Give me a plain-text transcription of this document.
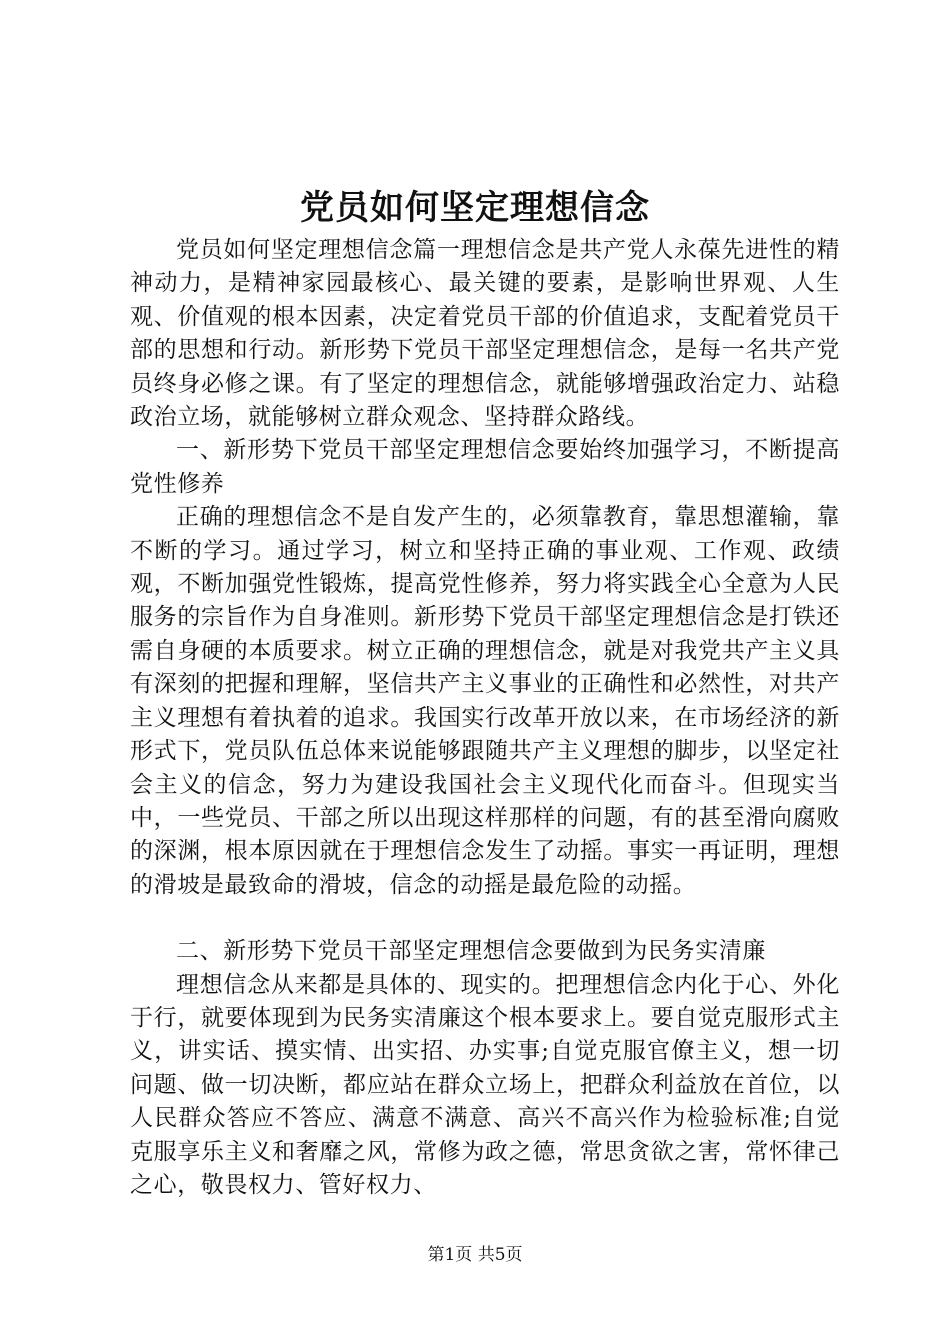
党员如何坚定理想信念

党员如何坚定理想信念篇一理想信念是共产党人永葆先进性的精神动力，是精神家园最核心、最关键的要素，是影响世界观、人生观、价值观的根本因素，决定着党员干部的价值追求，支配着党员干部的思想和行动。新形势下党员干部坚定理想信念，是每一名共产党员终身必修之课。有了坚定的理想信念，就能够增强政治定力、站稳政治立场，就能够树立群众观念、坚持群众路线。

一、新形势下党员干部坚定理想信念要始终加强学习，不断提高党性修养

正确的理想信念不是自发产生的，必须靠教育，靠思想灌输，靠不断的学习。通过学习，树立和坚持正确的事业观、工作观、政绩观，不断加强党性锻炼，提高党性修养，努力将实践全心全意为人民服务的宗旨作为自身准则。新形势下党员干部坚定理想信念是打铁还需自身硬的本质要求。树立正确的理想信念，就是对我党共产主义具有深刻的把握和理解，坚信共产主义事业的正确性和必然性，对共产主义理想有着执着的追求。我国实行改革开放以来，在市场经济的新形式下，党员队伍总体来说能够跟随共产主义理想的脚步，以坚定社会主义的信念，努力为建设我国社会主义现代化而奋斗。但现实当中，一些党员、干部之所以出现这样那样的问题，有的甚至滑向腐败的深渊，根本原因就在于理想信念发生了动摇。事实一再证明，理想的滑坡是最致命的滑坡，信念的动摇是最危险的动摇。

二、新形势下党员干部坚定理想信念要做到为民务实清廉

理想信念从来都是具体的、现实的。把理想信念内化于心、外化于行，就要体现到为民务实清廉这个根本要求上。要自觉克服形式主义，讲实话、摸实情、出实招、办实事;自觉克服官僚主义，想一切问题、做一切决断，都应站在群众立场上，把群众利益放在首位，以人民群众答应不答应、满意不满意、高兴不高兴作为检验标准;自觉克服享乐主义和奢靡之风，常修为政之德，常思贪欲之害，常怀律己之心，敬畏权力、管好权力、

第1页 共5页
